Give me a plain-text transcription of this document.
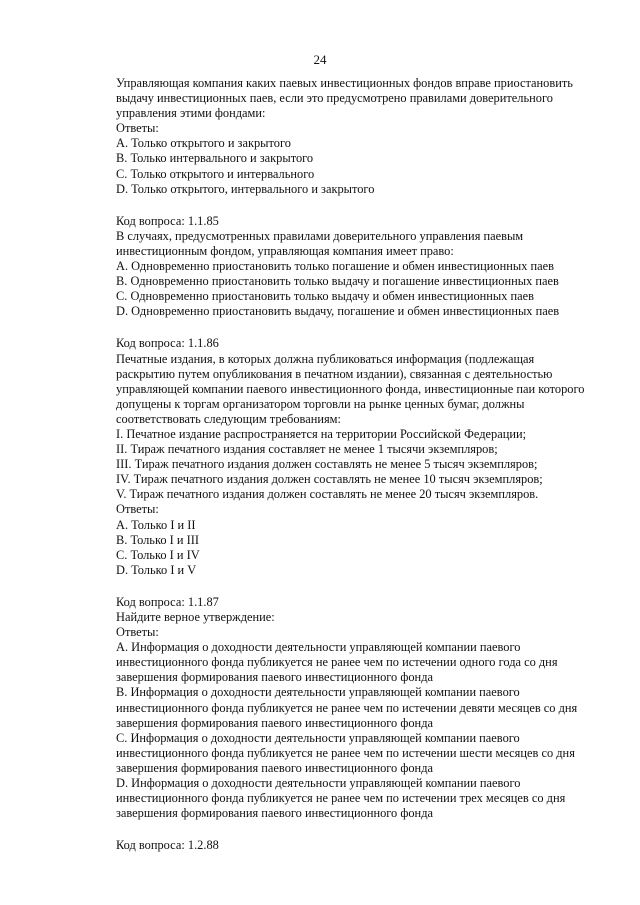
24
Управляющая компания каких паевых инвестиционных фондов вправе приостановить
выдачу инвестиционных паев, если это предусмотрено правилами доверительного
управления этими фондами:
Ответы:
A. Только открытого и закрытого
B. Только интервального и закрытого
C. Только открытого и интервального
D. Только открытого, интервального и закрытого
Код вопроса: 1.1.85
В случаях, предусмотренных правилами доверительного управления паевым
инвестиционным фондом, управляющая компания имеет право:
A. Одновременно приостановить только погашение и обмен инвестиционных паев
B. Одновременно приостановить только выдачу и погашение инвестиционных паев
C. Одновременно приостановить только выдачу и обмен инвестиционных паев
D. Одновременно приостановить выдачу, погашение и обмен инвестиционных паев
Код вопроса: 1.1.86
Печатные издания, в которых должна публиковаться информация (подлежащая
раскрытию путем опубликования в печатном издании), связанная с деятельностью
управляющей компании паевого инвестиционного фонда, инвестиционные паи которого
допущены к торгам организатором торговли на рынке ценных бумаг, должны
соответствовать следующим требованиям:
I. Печатное издание распространяется на территории Российской Федерации;
II. Тираж печатного издания составляет не менее 1 тысячи экземпляров;
III. Тираж печатного издания должен составлять не менее 5 тысяч экземпляров;
IV. Тираж печатного издания должен составлять не менее 10 тысяч экземпляров;
V. Тираж печатного издания должен составлять не менее 20 тысяч экземпляров.
Ответы:
A. Только I и II
B. Только I и III
C. Только I и IV
D. Только I и V
Код вопроса: 1.1.87
Найдите верное утверждение:
Ответы:
A. Информация о доходности деятельности управляющей компании паевого
инвестиционного фонда публикуется не ранее чем по истечении одного года со дня
завершения формирования паевого инвестиционного фонда
B. Информация о доходности деятельности управляющей компании паевого
инвестиционного фонда публикуется не ранее чем по истечении девяти месяцев со дня
завершения формирования паевого инвестиционного фонда
C. Информация о доходности деятельности управляющей компании паевого
инвестиционного фонда публикуется не ранее чем по истечении шести месяцев со дня
завершения формирования паевого инвестиционного фонда
D. Информация о доходности деятельности управляющей компании паевого
инвестиционного фонда публикуется не ранее чем по истечении трех месяцев со дня
завершения формирования паевого инвестиционного фонда
Код вопроса: 1.2.88
